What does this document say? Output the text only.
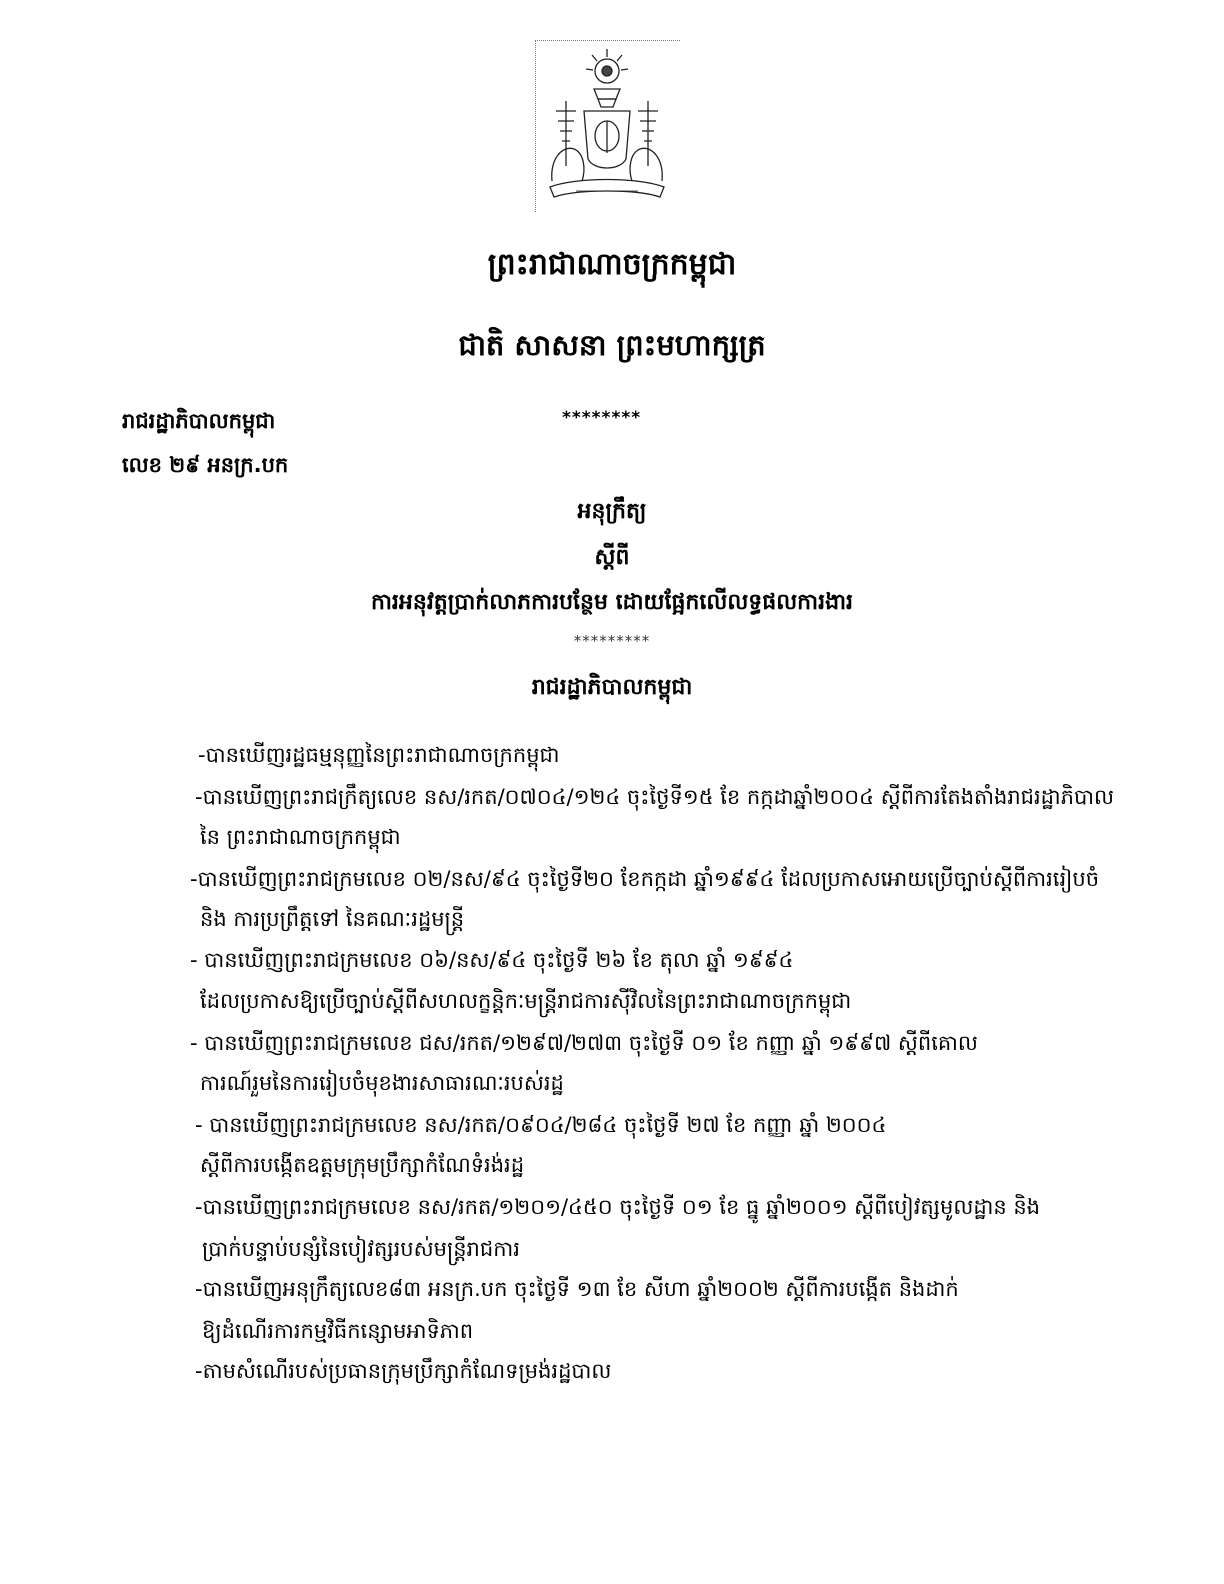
ព្រះរាជាណាចក្រកម្ពុជា
ជាតិ សាសនា ព្រះមហាក្សត្រ
រាជរដ្ឋាភិបាលកម្ពុជា	********
លេខ ២៩ អនក្រ.បក
អនុក្រឹត្យ
ស្តីពី
ការអនុវត្តប្រាក់លាភការបន្ថែម ដោយផ្អែកលើលទ្ធផលការងារ
*********
រាជរដ្ឋាភិបាលកម្ពុជា
-បានឃើញរដ្ឋធម្មនុញ្ញនៃព្រះរាជាណាចក្រកម្ពុជា
-បានឃើញព្រះរាជក្រឹត្យលេខ នស/រកត/០៧០៤/១២៤ ចុះថ្ងៃទី១៥ ខែ កក្កដាឆ្នាំ២០០៤ ស្តីពីការតែងតាំងរាជរដ្ឋាភិបាល
នៃ ព្រះរាជាណាចក្រកម្ពុជា
-បានឃើញព្រះរាជក្រមលេខ ០២/នស/៩៤ ចុះថ្ងៃទី២០ ខែកក្កដា ឆ្នាំ១៩៩៤ ដែលប្រកាសអោយប្រើច្បាប់ស្តីពីការរៀបចំ
និង ការប្រព្រឹត្តទៅ នៃគណៈរដ្ឋមន្ត្រី
- បានឃើញព្រះរាជក្រមលេខ ០៦/នស/៩៤ ចុះថ្ងៃទី ២៦ ខែ តុលា ឆ្នាំ ១៩៩៤
ដែលប្រកាសឱ្យប្រើច្បាប់ស្តីពីសហលក្ខន្តិកៈមន្ត្រីរាជការស៊ីវិលនៃព្រះរាជាណាចក្រកម្ពុជា
- បានឃើញព្រះរាជក្រមលេខ ជស/រកត/១២៩៧/២៧៣ ចុះថ្ងៃទី ០១ ខែ កញ្ញា ឆ្នាំ ១៩៩៧ ស្តីពីគោល
ការណ៍រួមនៃការរៀបចំមុខងារសាធារណៈរបស់រដ្ឋ
- បានឃើញព្រះរាជក្រមលេខ នស/រកត/០៩០៤/២៨៤ ចុះថ្ងៃទី ២៧ ខែ កញ្ញា ឆ្នាំ ២០០៤
ស្តីពីការបង្កើតឧត្តមក្រុមប្រឹក្សាកំណែទំរង់រដ្ឋ
-បានឃើញព្រះរាជក្រមលេខ នស/រកត/១២០១/៤៥០ ចុះថ្ងៃទី ០១ ខែ ធ្នូ ឆ្នាំ២០០១ ស្តីពីបៀវត្សមូលដ្ឋាន និង
ប្រាក់បន្ទាប់បន្សំនៃបៀវត្សរបស់មន្ត្រីរាជការ
-បានឃើញអនុក្រឹត្យលេខ៨៣ អនក្រ.បក ចុះថ្ងៃទី ១៣ ខែ សីហា ឆ្នាំ២០០២ ស្តីពីការបង្កើត និងដាក់
ឱ្យដំណើរការកម្មវិធីកន្សោមអាទិភាព
-តាមសំណើរបស់ប្រធានក្រុមប្រឹក្សាកំណែទម្រង់រដ្ឋបាល
